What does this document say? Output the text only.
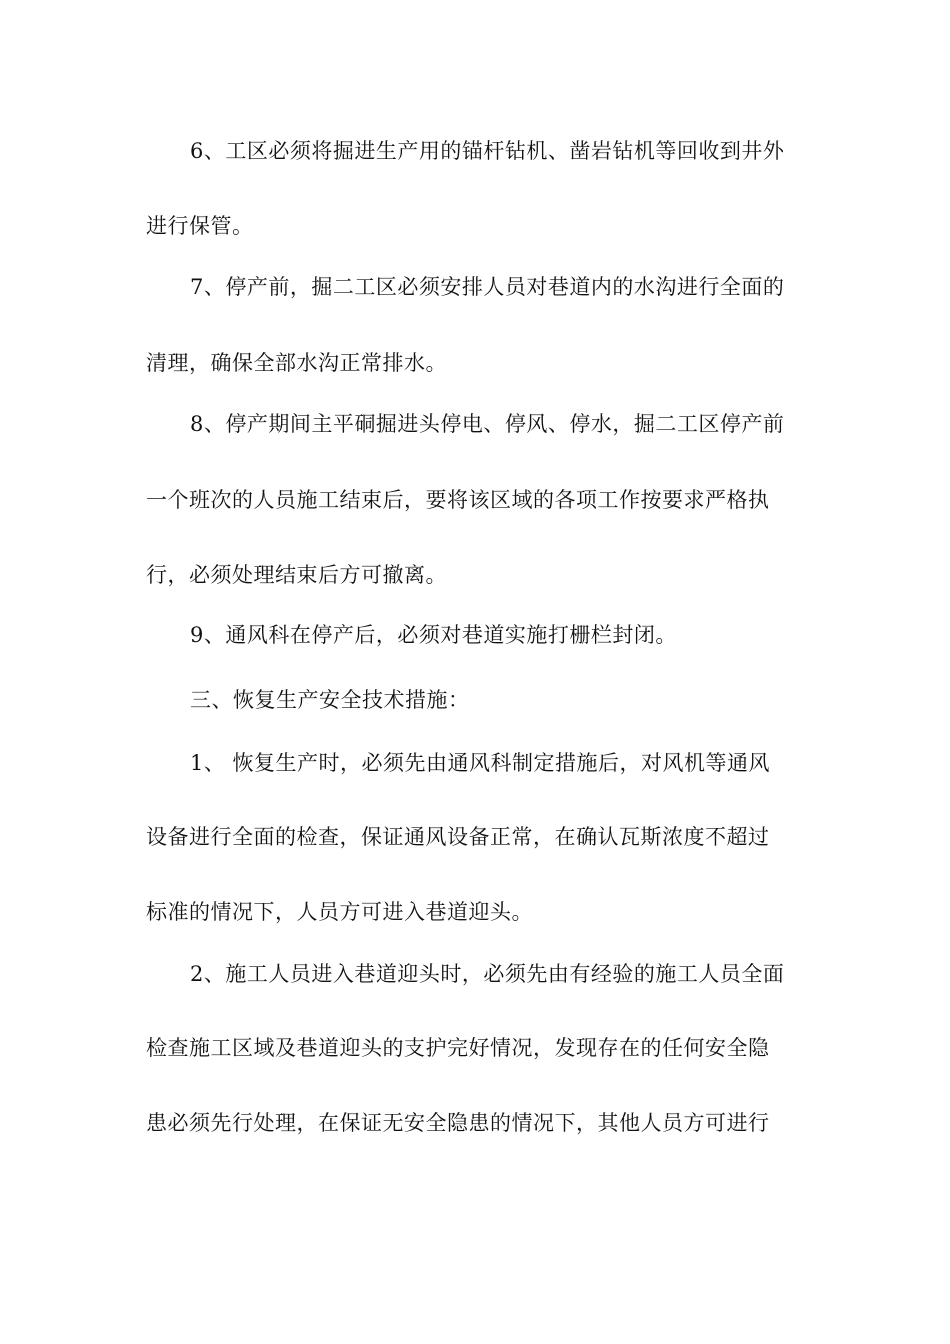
6、工区必须将掘进生产用的锚杆钻机、凿岩钻机等回收到井外
进行保管。
7、停产前，掘二工区必须安排人员对巷道内的水沟进行全面的
清理，确保全部水沟正常排水。
8、停产期间主平硐掘进头停电、停风、停水，掘二工区停产前
一个班次的人员施工结束后，要将该区域的各项工作按要求严格执
行，必须处理结束后方可撤离。
9、通风科在停产后，必须对巷道实施打栅栏封闭。
三、恢复生产安全技术措施：
1、 恢复生产时，必须先由通风科制定措施后，对风机等通风
设备进行全面的检查，保证通风设备正常，在确认瓦斯浓度不超过
标准的情况下，人员方可进入巷道迎头。
2、施工人员进入巷道迎头时，必须先由有经验的施工人员全面
检查施工区域及巷道迎头的支护完好情况，发现存在的任何安全隐
患必须先行处理，在保证无安全隐患的情况下，其他人员方可进行
